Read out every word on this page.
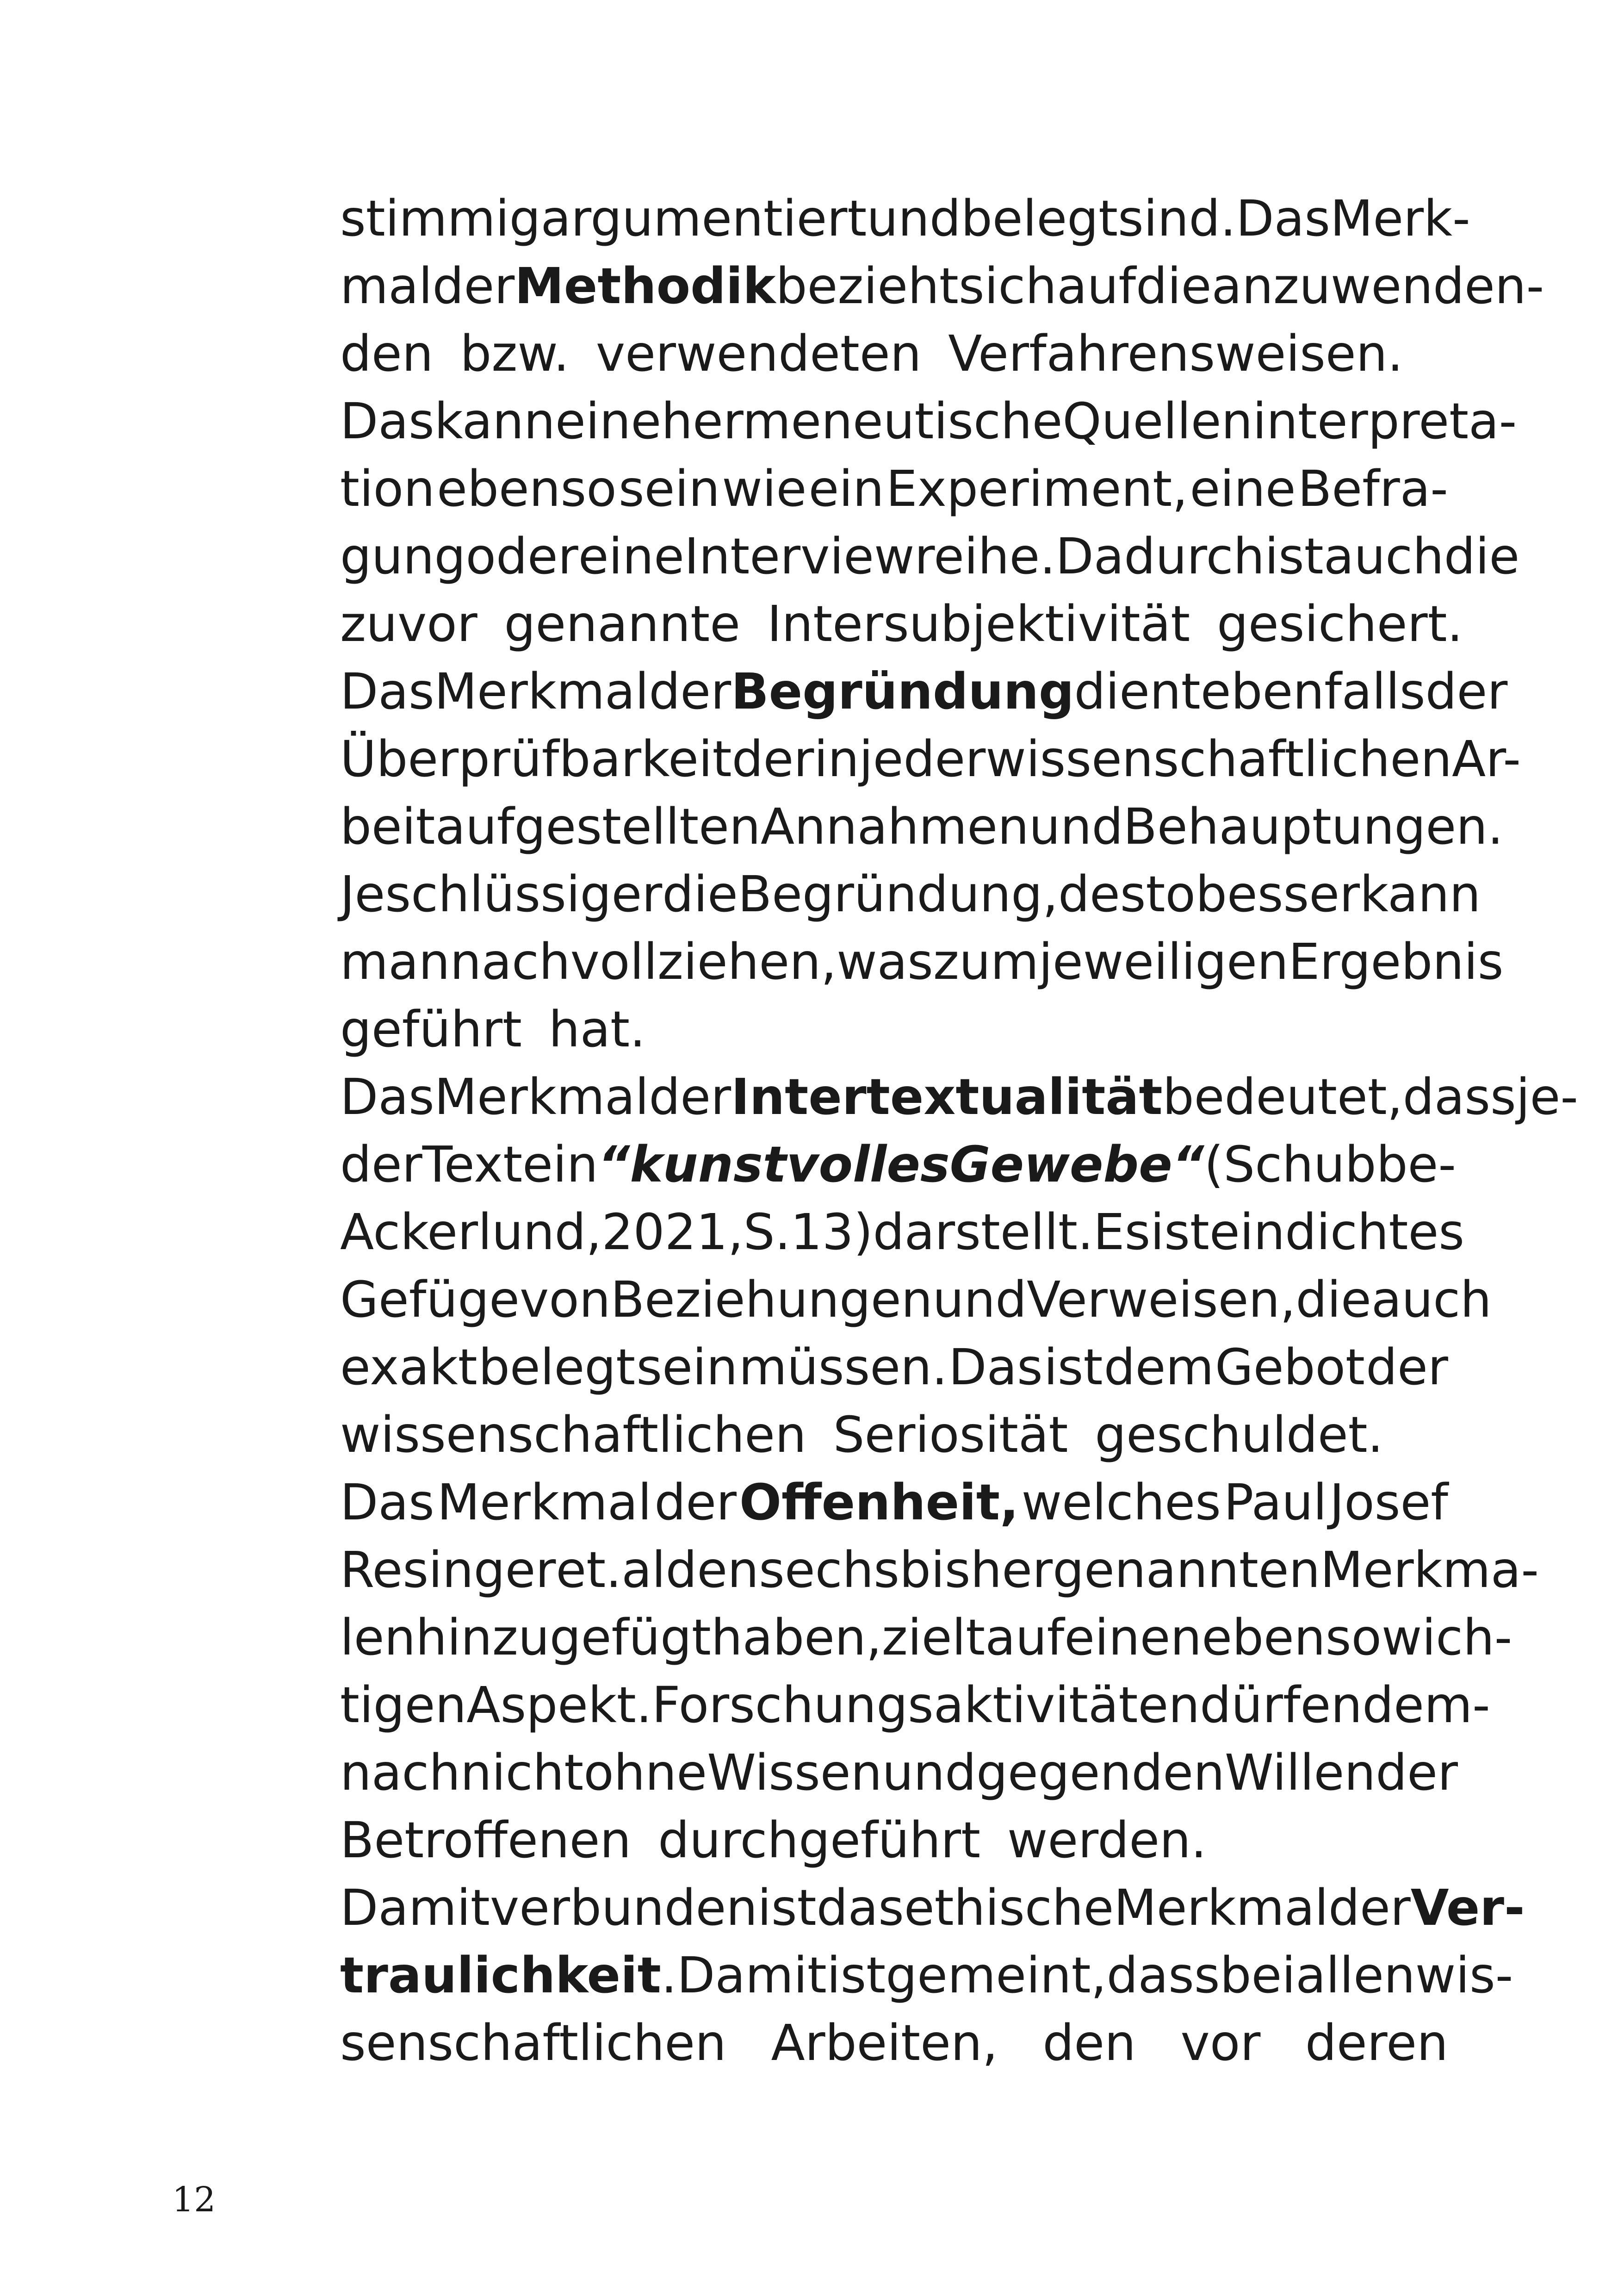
stimmig argumentiert und belegt sind. Das Merk-
mal der Methodik bezieht sich auf die anzuwenden-
den bzw. verwendeten Verfahrensweisen.
Das kann eine hermeneutische Quelleninterpreta-
tion ebenso sein wie ein Experiment, eine Befra-
gung oder eine Interviewreihe. Dadurch ist auch die
zuvor genannte Intersubjektivität gesichert.
Das Merkmal der Begründung dient ebenfalls der
Überprüfbarkeit der in jeder wissenschaftlichen Ar-
beit aufgestellten Annahmen und Behauptungen.
Je schlüssiger die Begründung, desto besser kann
man nachvollziehen, was zum jeweiligen Ergebnis
geführt hat.
Das Merkmal der Intertextualität bedeutet, dass je-
der Text ein “kunstvolles Gewebe“ (Schubbe-
Ackerlund, 2021, S.13) darstellt. Es ist ein dichtes
Gefüge von Beziehungen und Verweisen, die auch
exakt belegt sein müssen. Das ist dem Gebot der
wissenschaftlichen Seriosität geschuldet.
Das Merkmal der Offenheit, welches Paul Josef
Resinger et.al den sechs bisher genannten Merkma-
len hinzugefügt haben, zielt auf einen ebenso wich-
tigen Aspekt. Forschungsaktivitäten dürfen dem-
nach nicht ohne Wissen und gegen den Willen der
Betroffenen durchgeführt werden.
Damit verbunden ist das ethische Merkmal der Ver-
traulichkeit. Damit ist gemeint, dass bei allen wis-
senschaftlichen Arbeiten, den vor deren
12
